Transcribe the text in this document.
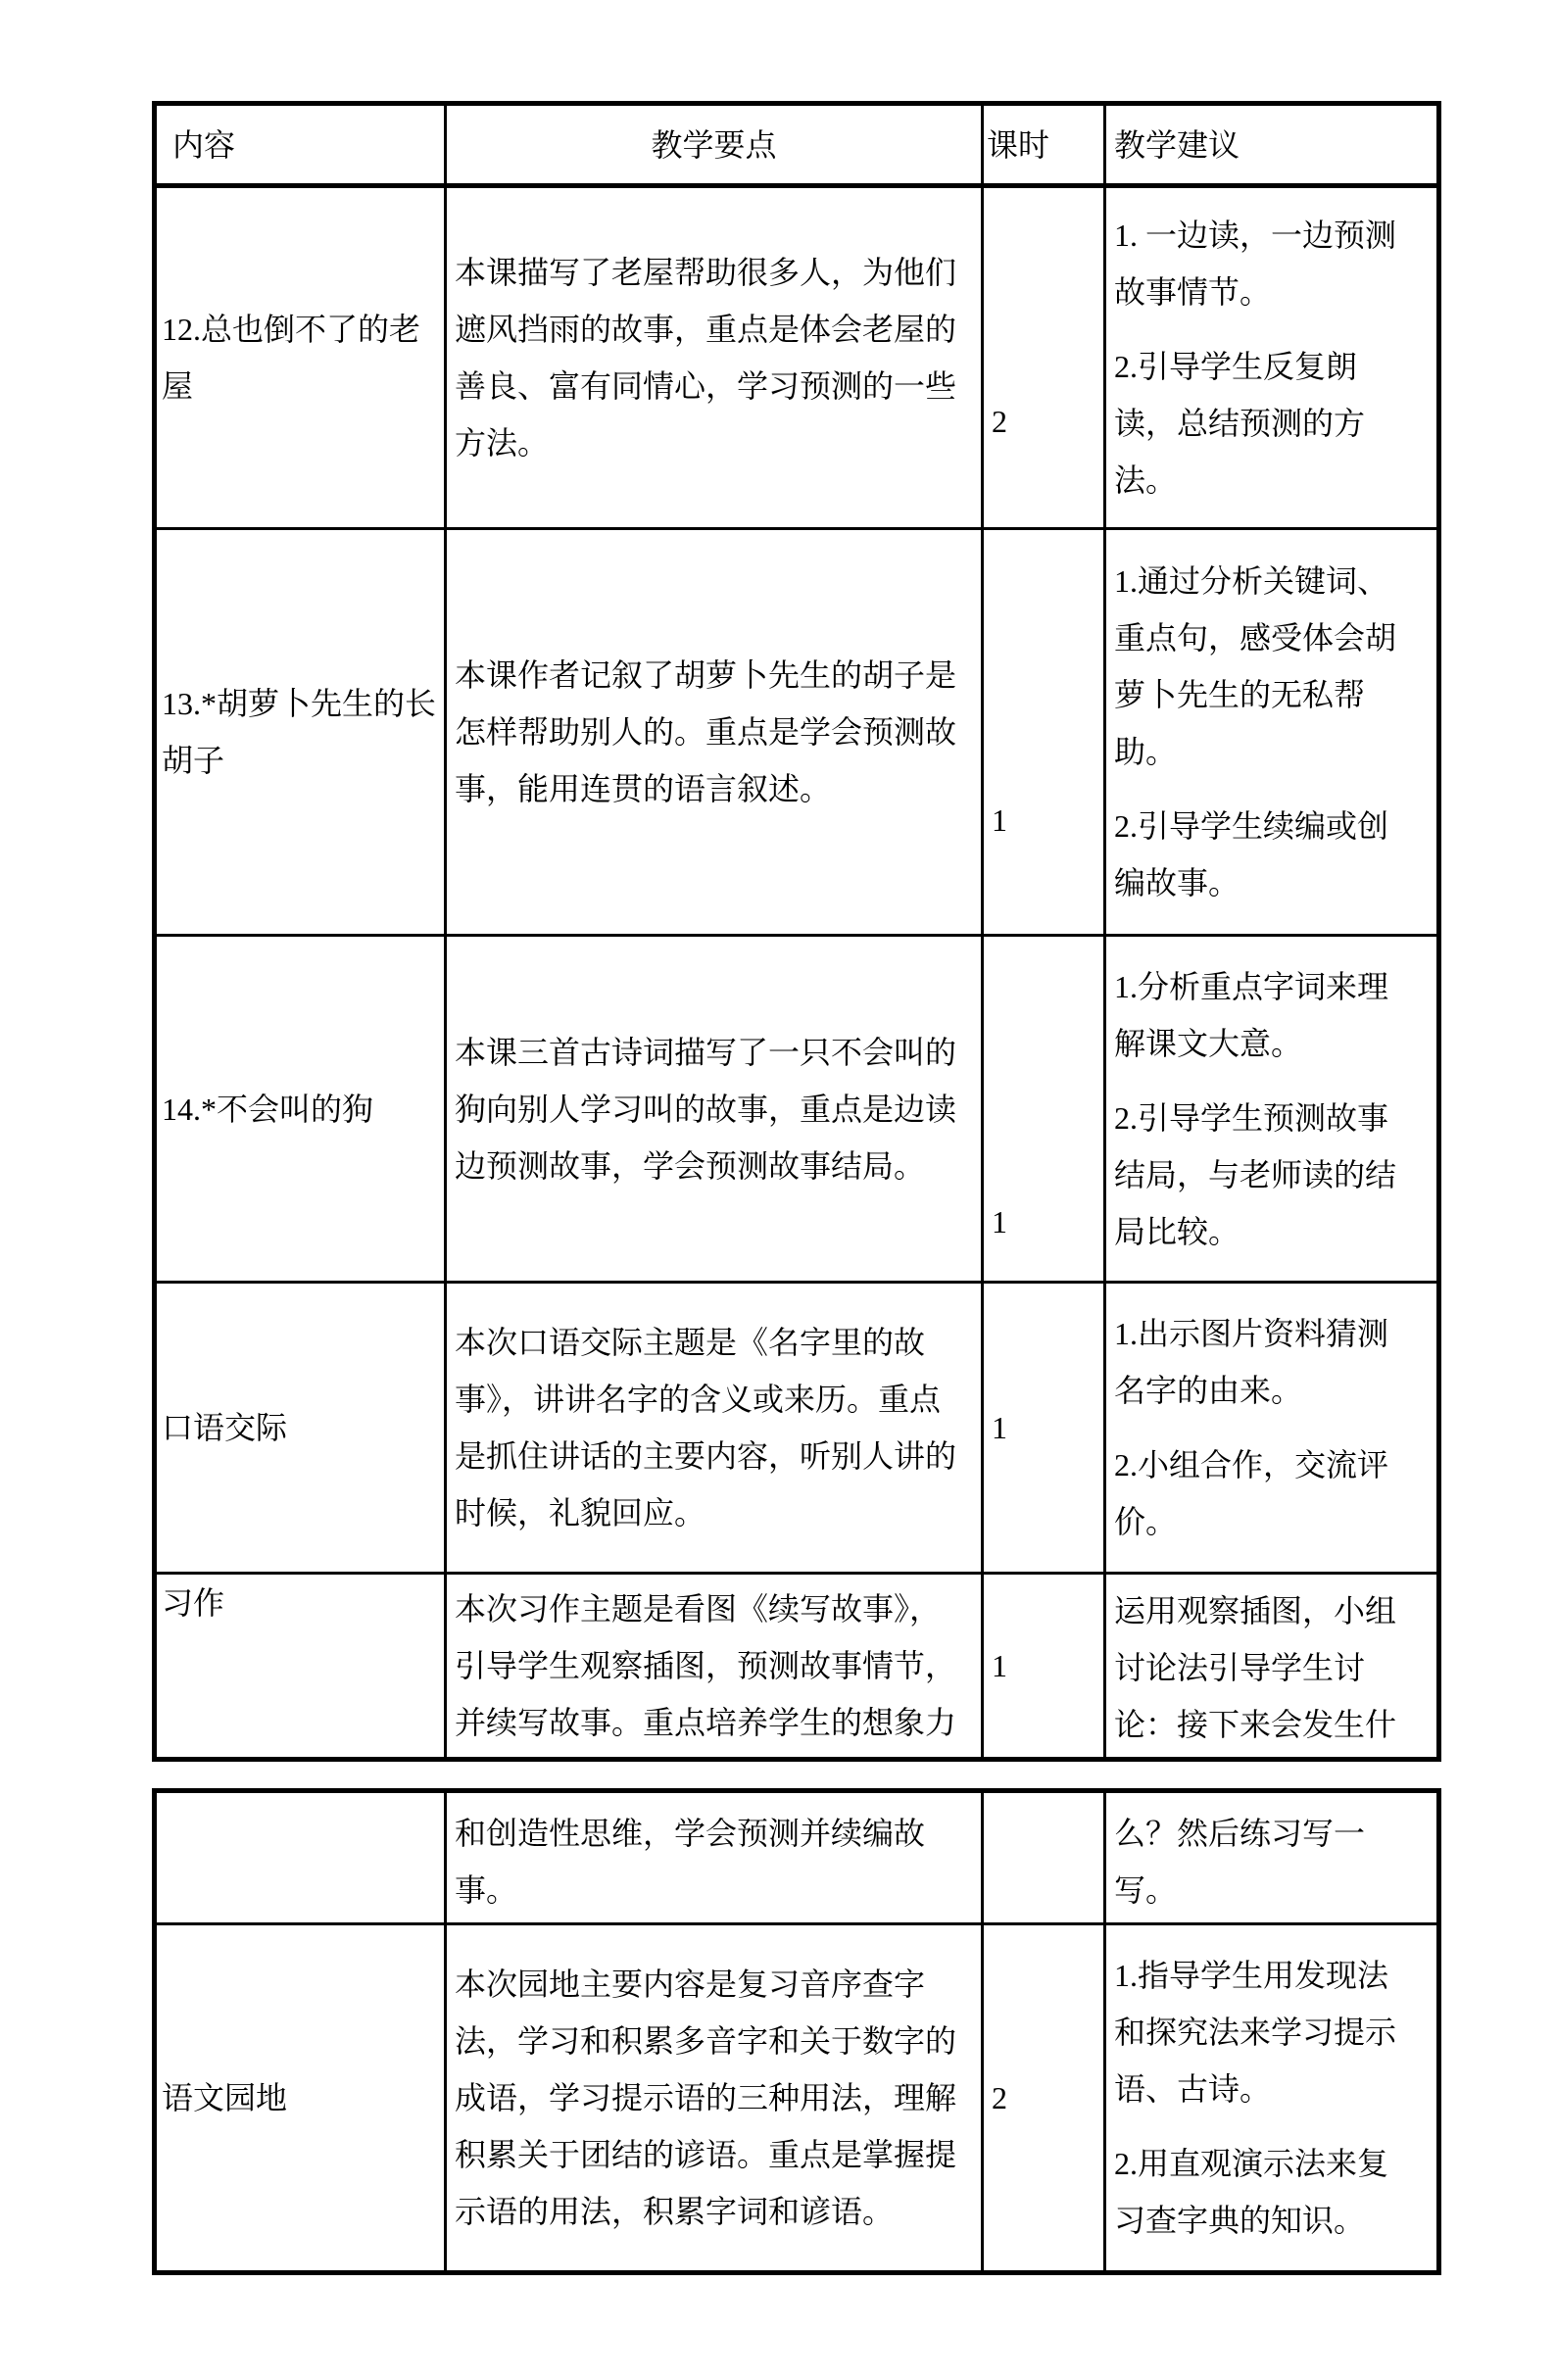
内容	教学要点	课时	教学建议
12.总也倒不了的老屋	本课描写了老屋帮助很多人，为他们遮风挡雨的故事，重点是体会老屋的善良、富有同情心，学习预测的一些方法。	2	1. 一边读，一边预测故事情节。

2.引导学生反复朗读，总结预测的方法。

13.*胡萝卜先生的长胡子	本课作者记叙了胡萝卜先生的胡子是怎样帮助别人的。重点是学会预测故事，能用连贯的语言叙述。	1	1.通过分析关键词、重点句，感受体会胡萝卜先生的无私帮助。

2.引导学生续编或创编故事。

14.*不会叫的狗	本课三首古诗词描写了一只不会叫的狗向别人学习叫的故事，重点是边读边预测故事，学会预测故事结局。	1	1.分析重点字词来理解课文大意。

2.引导学生预测故事结局，与老师读的结局比较。

口语交际	本次口语交际主题是《名字里的故事》，讲讲名字的含义或来历。重点是抓住讲话的主要内容，听别人讲的时候，礼貌回应。	1	1.出示图片资料猜测名字的由来。

2.小组合作，交流评价。

习作	本次习作主题是看图《续写故事》，引导学生观察插图，预测故事情节，并续写故事。重点培养学生的想象力	1	运用观察插图，小组讨论法引导学生讨论：接下来会发生什

	和创造性思维，学会预测并续编故事。		么？然后练习写一写。

语文园地	本次园地主要内容是复习音序查字法，学习和积累多音字和关于数字的成语，学习提示语的三种用法，理解积累关于团结的谚语。重点是掌握提示语的用法，积累字词和谚语。	2	1.指导学生用发现法和探究法来学习提示语、古诗。

2.用直观演示法来复习查字典的知识。
